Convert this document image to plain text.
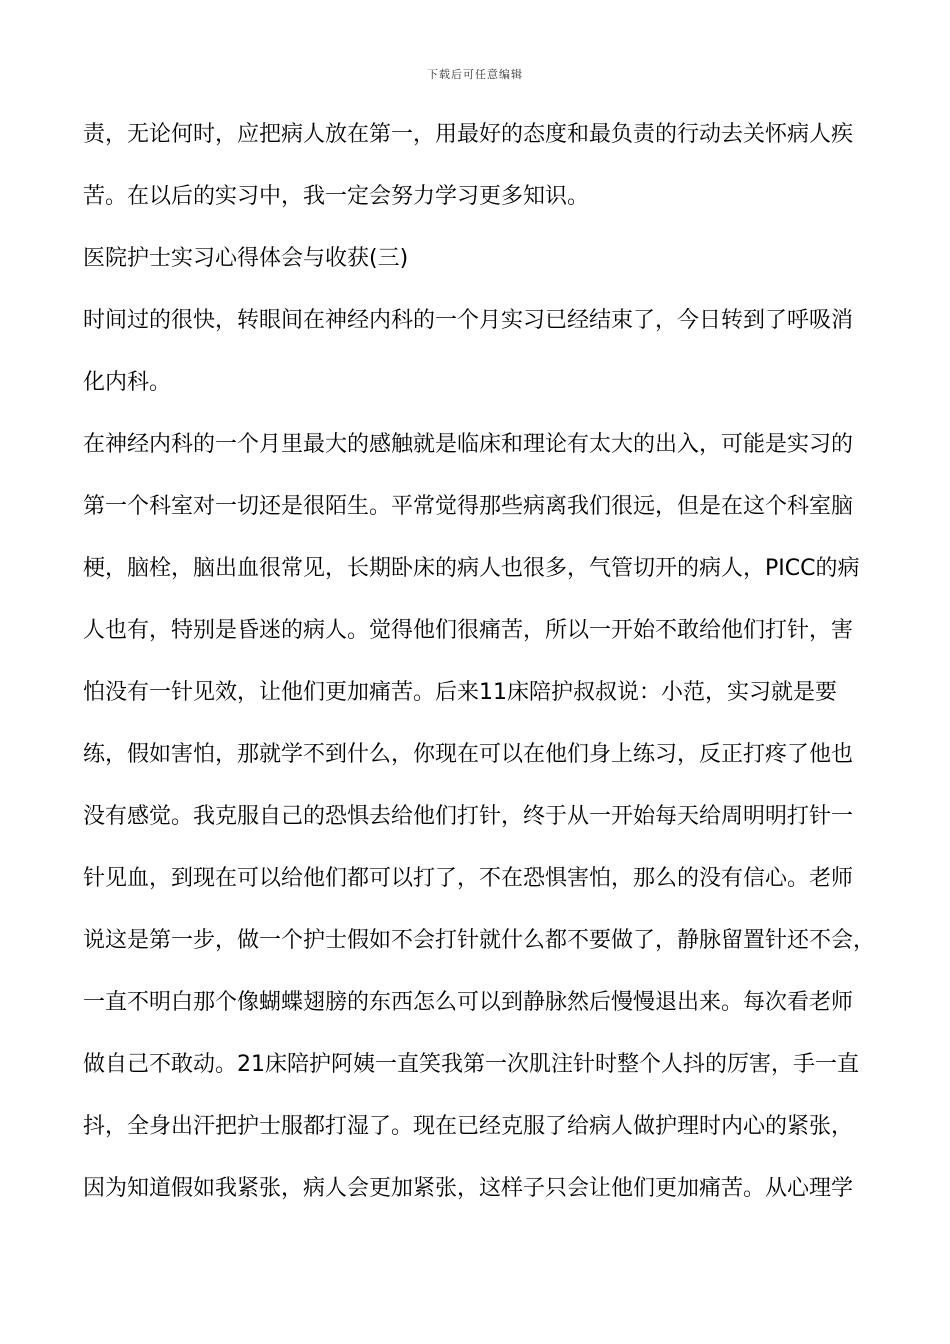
下载后可任意编辑
责，无论何时，应把病人放在第一，用最好的态度和最负责的行动去关怀病人疾
苦。在以后的实习中，我一定会努力学习更多知识。
医院护士实习心得体会与收获(三)
时间过的很快，转眼间在神经内科的一个月实习已经结束了，今日转到了呼吸消
化内科。
在神经内科的一个月里最大的感触就是临床和理论有太大的出入，可能是实习的
第一个科室对一切还是很陌生。平常觉得那些病离我们很远，但是在这个科室脑
梗，脑栓，脑出血很常见，长期卧床的病人也很多，气管切开的病人，PICC的病
人也有，特别是昏迷的病人。觉得他们很痛苦，所以一开始不敢给他们打针，害
怕没有一针见效，让他们更加痛苦。后来11床陪护叔叔说：小范，实习就是要
练，假如害怕，那就学不到什么，你现在可以在他们身上练习，反正打疼了他也
没有感觉。我克服自己的恐惧去给他们打针，终于从一开始每天给周明明打针一
针见血，到现在可以给他们都可以打了，不在恐惧害怕，那么的没有信心。老师
说这是第一步，做一个护士假如不会打针就什么都不要做了，静脉留置针还不会，
一直不明白那个像蝴蝶翅膀的东西怎么可以到静脉然后慢慢退出来。每次看老师
做自己不敢动。21床陪护阿姨一直笑我第一次肌注针时整个人抖的厉害，手一直
抖，全身出汗把护士服都打湿了。现在已经克服了给病人做护理时内心的紧张，
因为知道假如我紧张，病人会更加紧张，这样子只会让他们更加痛苦。从心理学
